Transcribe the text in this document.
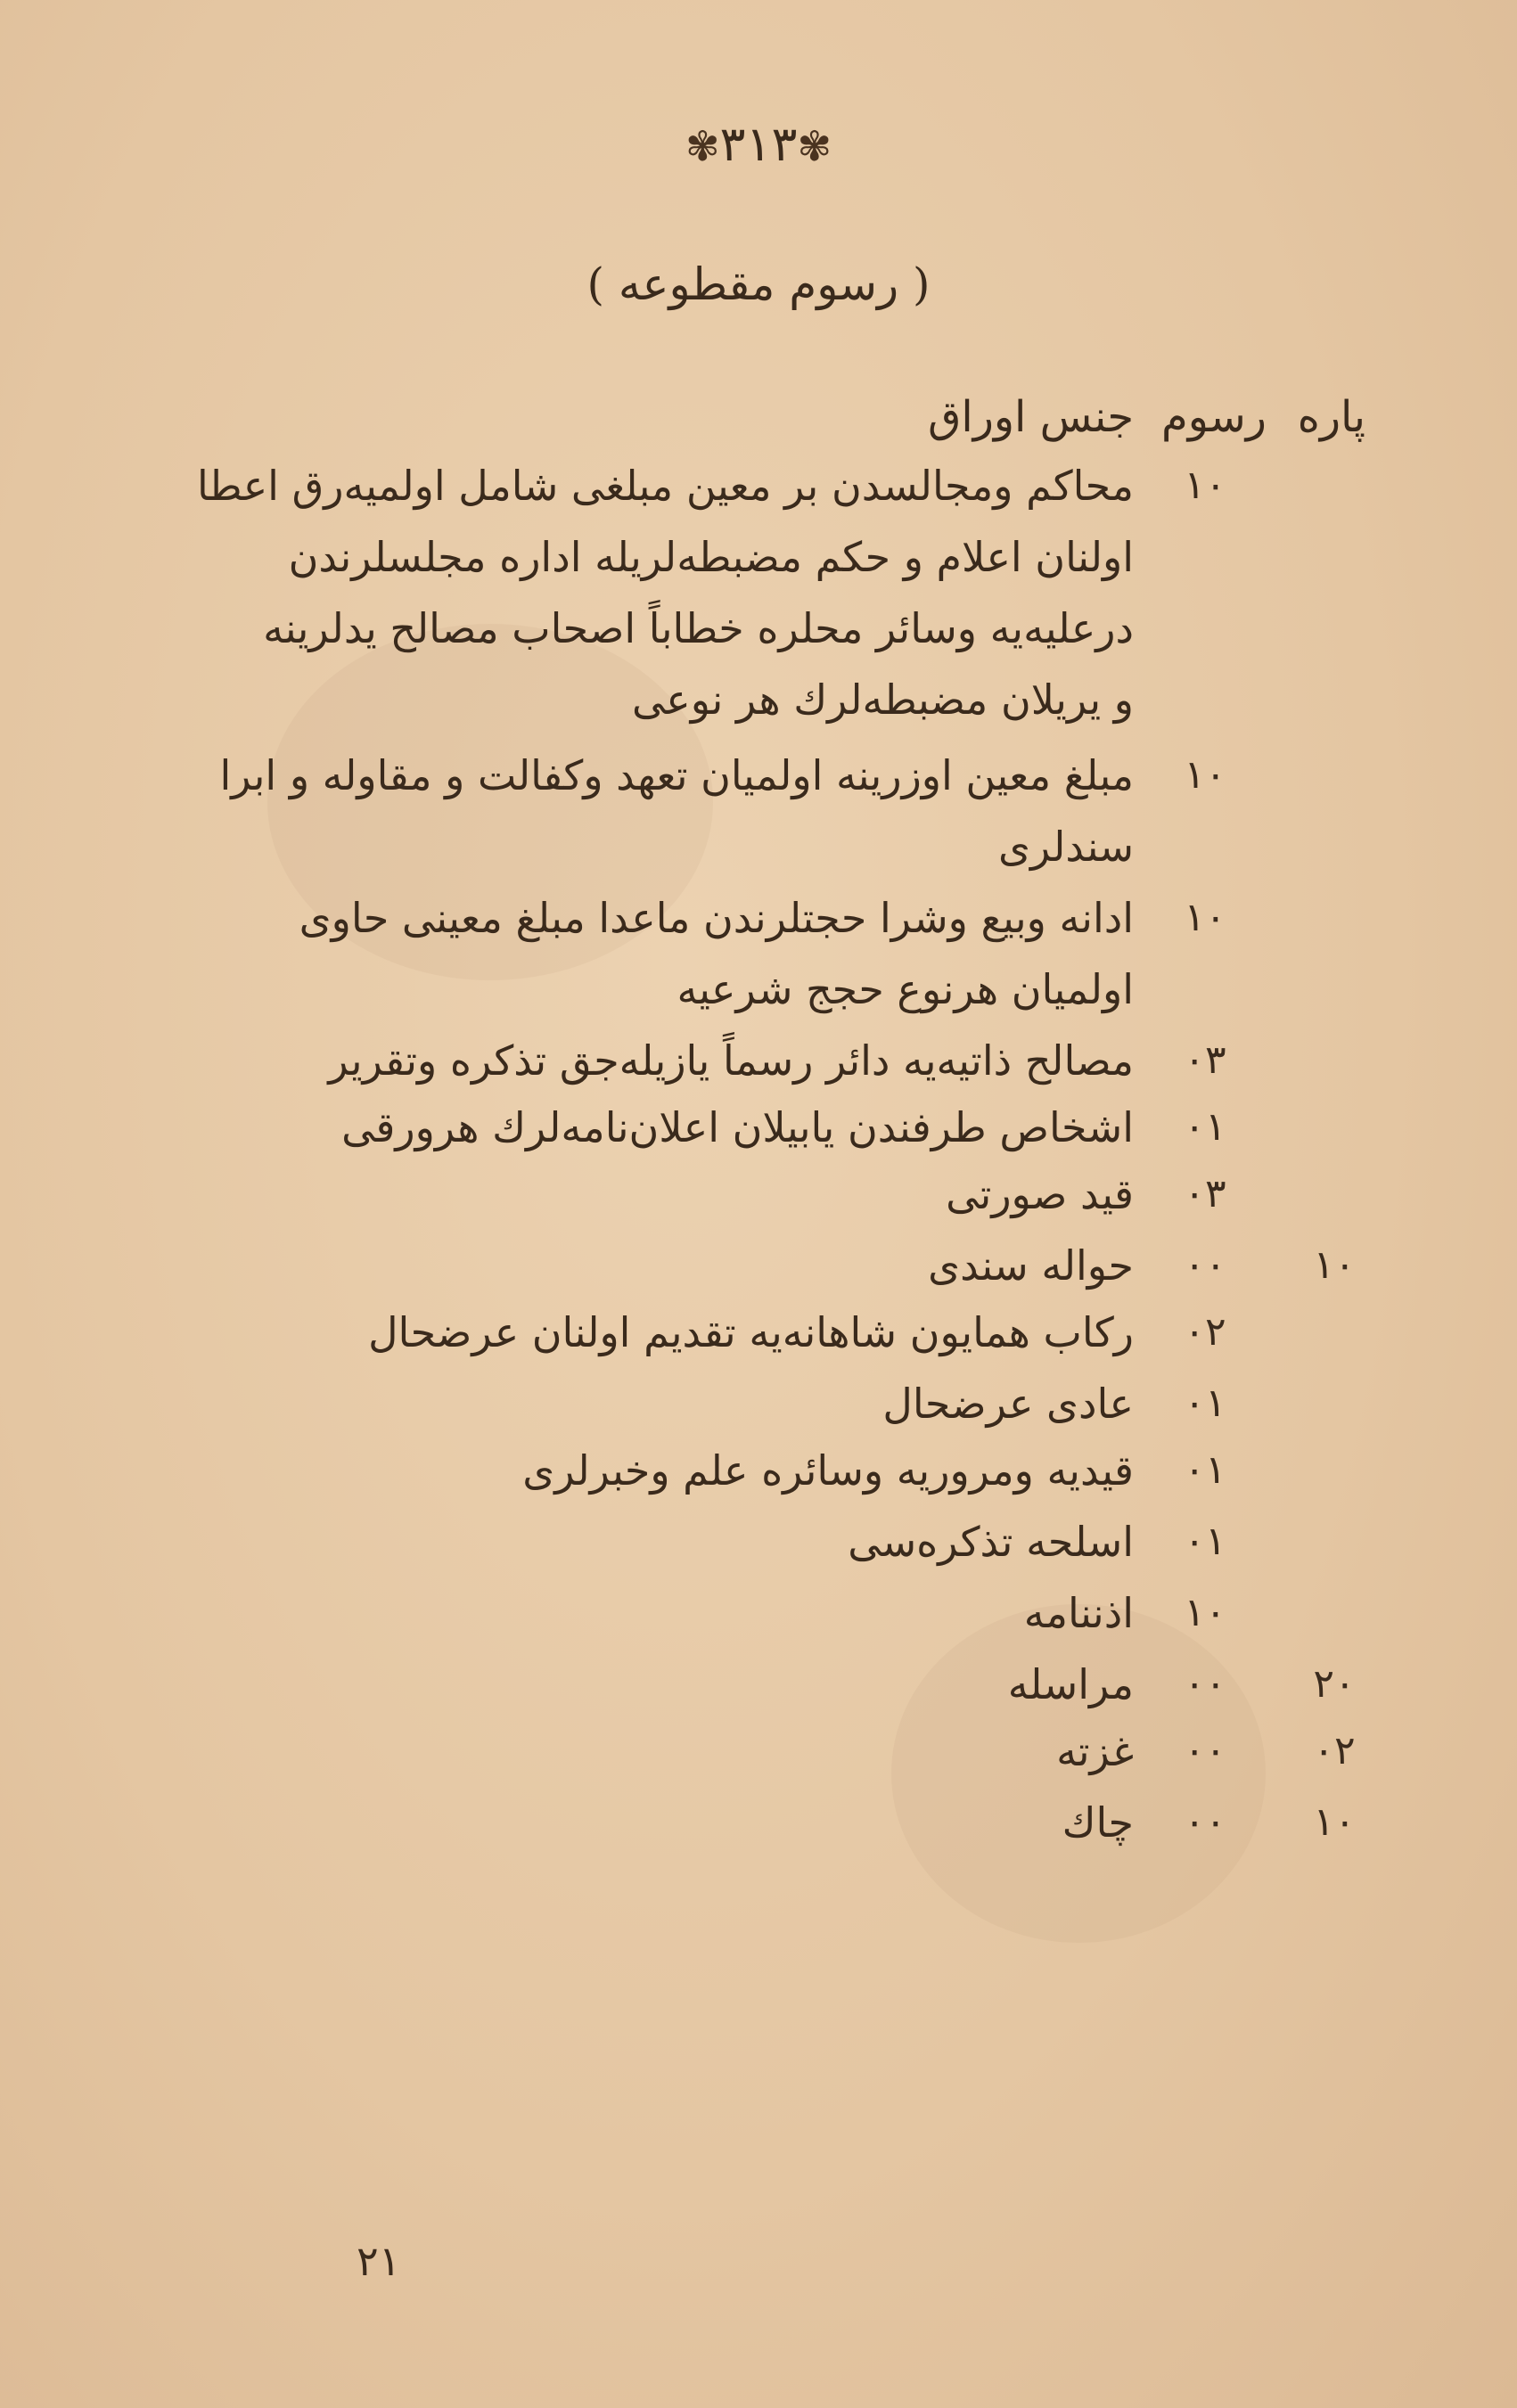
✾٣١٣✾
( رسوم مقطوعه )
پاره
رسوم
جنس اوراق
١٠
محاكم ومجالسدن بر معين مبلغى شامل اولميه‌رق اعطا
اولنان اعلام و حكم مضبطه‌لريله اداره مجلسلرندن
درعليه‌يه وسائر محلره خطاباً اصحاب مصالح يدلرينه
و يريلان مضبطه‌لرك هر نوعى
١٠
مبلغ معين اوزرينه اولميان تعهد وكفالت و مقاوله و ابرا
سندلرى
١٠
ادانه وبيع وشرا حجتلرندن ماعدا مبلغ معينى حاوى
اولميان هرنوع حجج شرعيه
٠٣
مصالح ذاتيه‌يه دائر رسماً يازيله‌جق تذكره وتقرير
٠١
اشخاص طرفندن يابيلان اعلان‌نامه‌لرك هرورقى
٠٣
قيد صورتى
١٠
٠٠
حواله سندى
٠٢
ركاب همايون شاهانه‌يه تقديم اولنان عرضحال
٠١
عادى عرضحال
٠١
قيديه ومروريه وسائره علم وخبرلرى
٠١
اسلحه تذكره‌سى
١٠
اذننامه
٢٠
٠٠
مراسله
٠٢
٠٠
غزته
١٠
٠٠
چاك
٢١
